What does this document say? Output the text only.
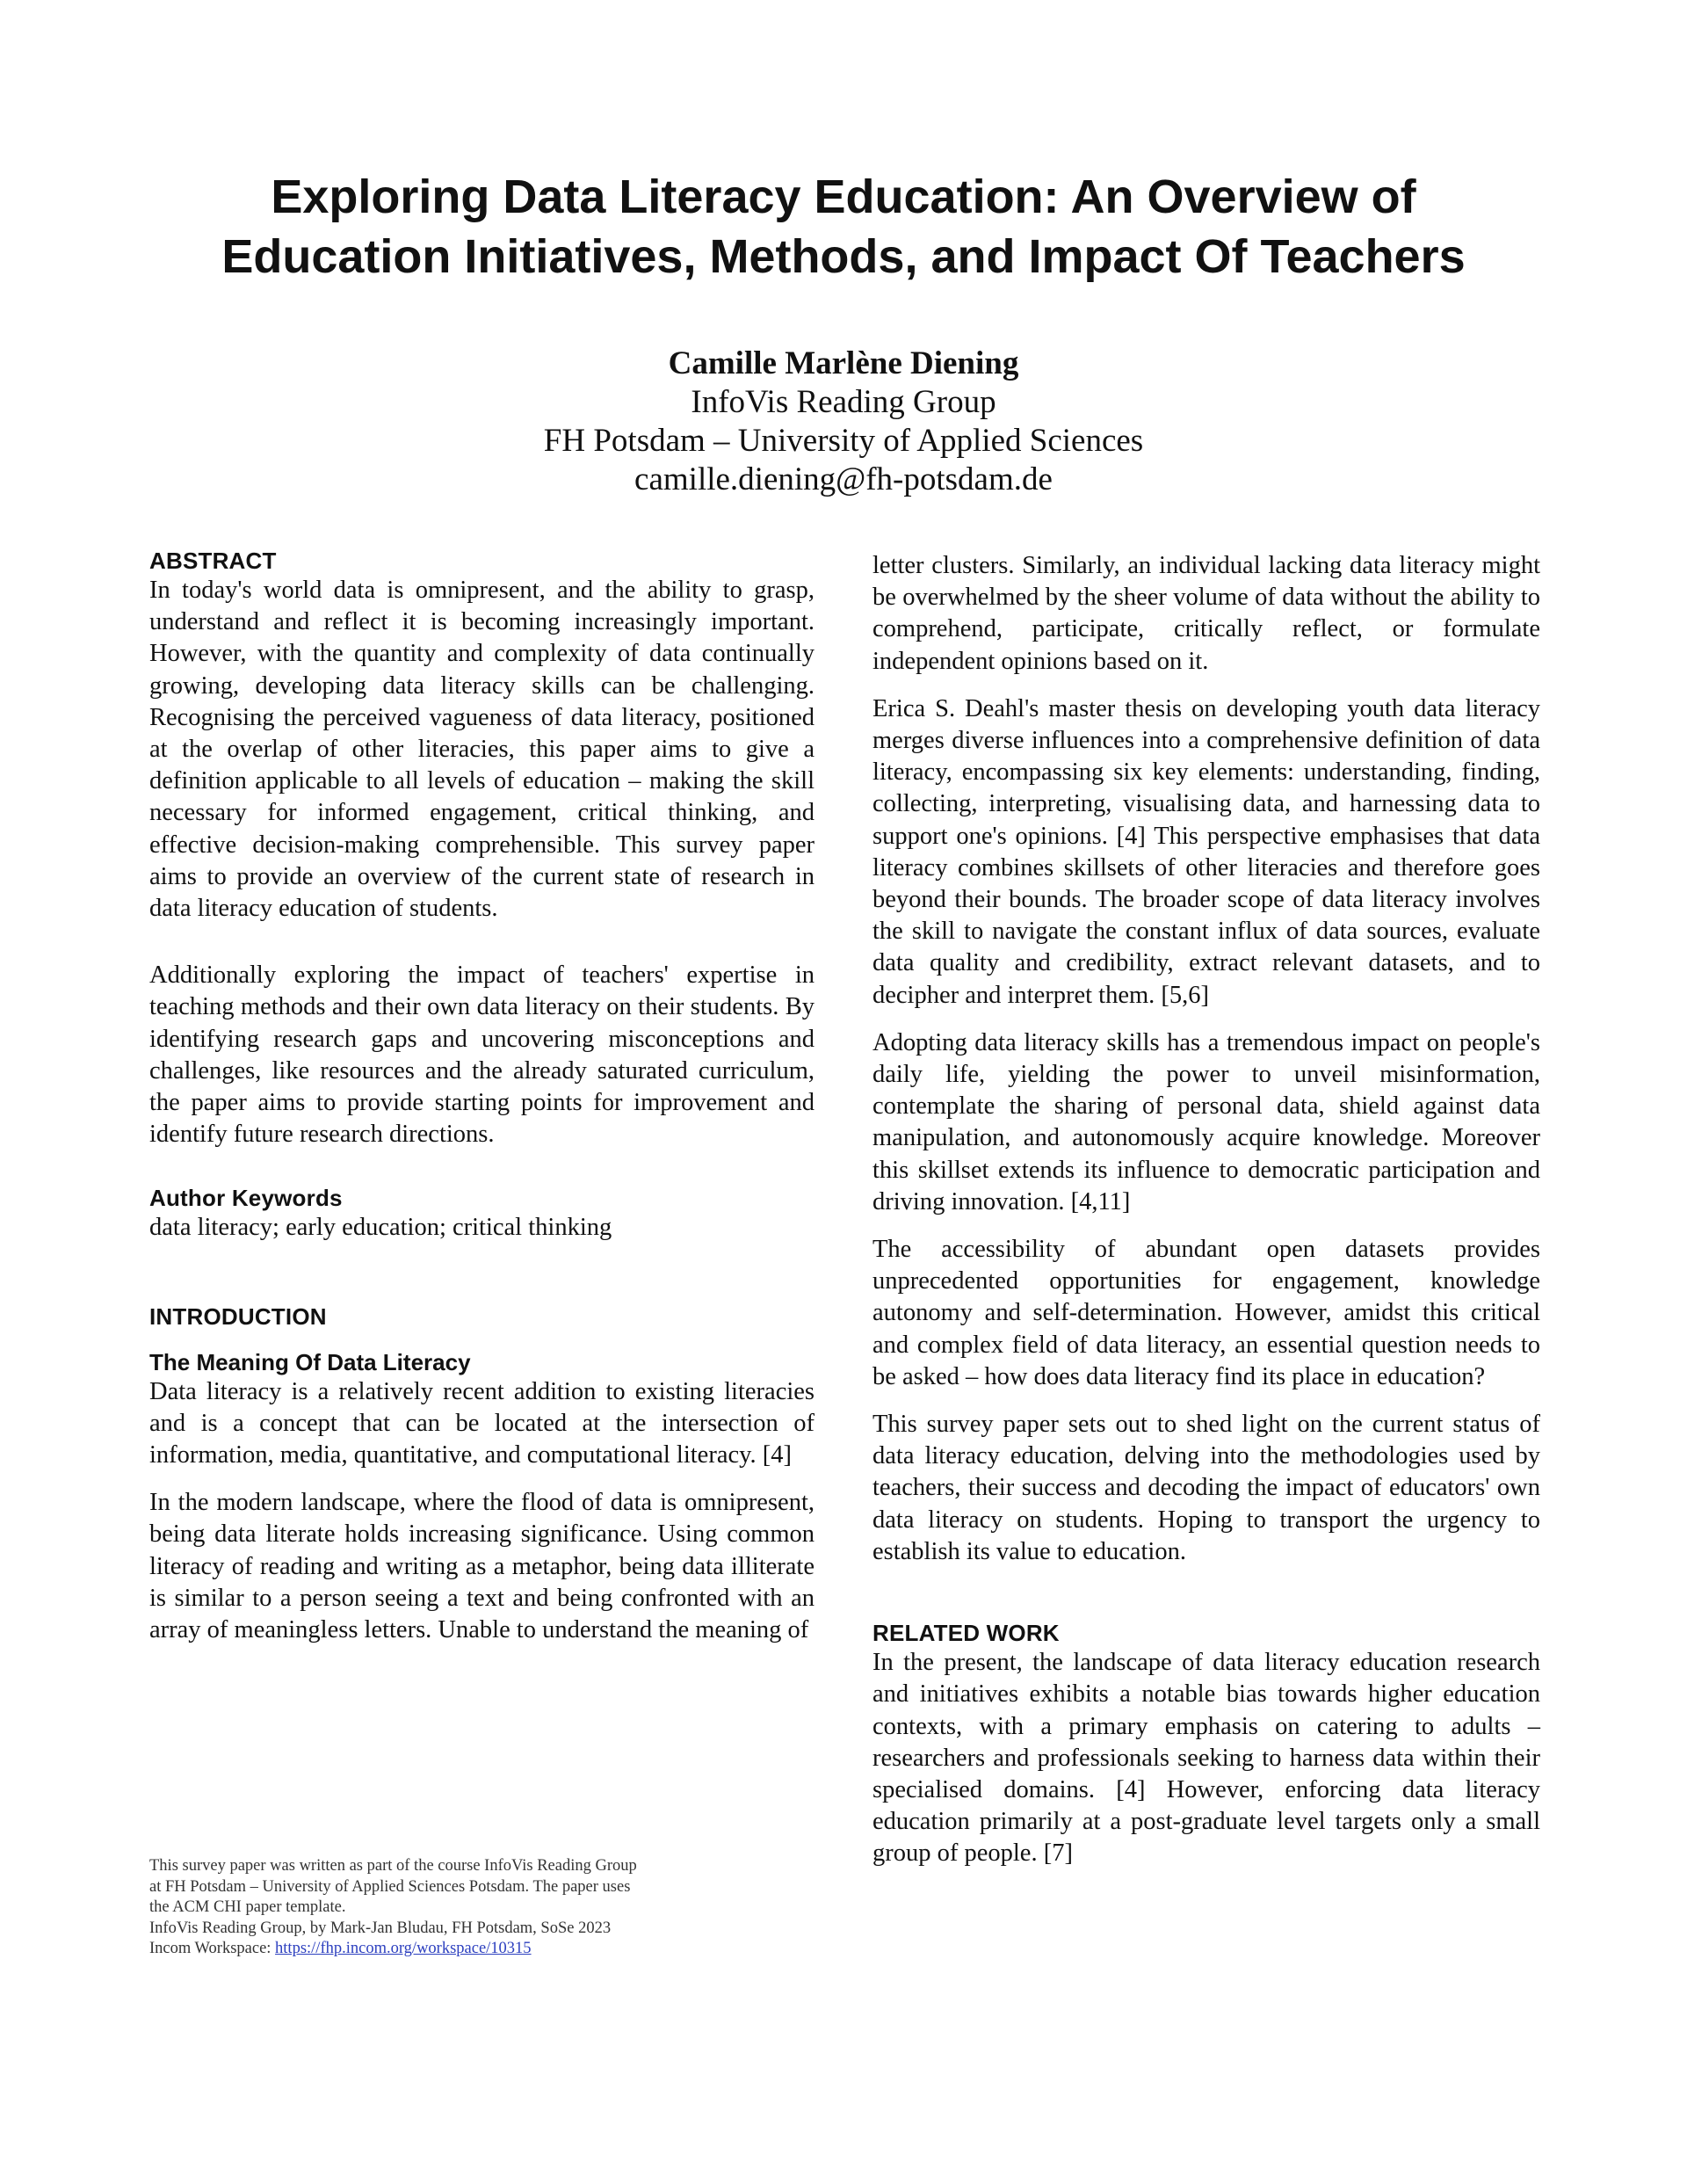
Exploring Data Literacy Education: An Overview of
Education Initiatives, Methods, and Impact Of Teachers
Camille Marlène Diening
InfoVis Reading Group
FH Potsdam – University of Applied Sciences
camille.diening@fh-potsdam.de
ABSTRACT

In today's world data is omnipresent, and the ability to grasp, understand and reflect it is becoming increasingly important. However, with the quantity and complexity of data continually growing, developing data literacy skills can be challenging. Recognising the perceived vagueness of data literacy, positioned at the overlap of other literacies, this paper aims to give a definition applicable to all levels of education – making the skill necessary for informed engagement, critical thinking, and effective decision-making comprehensible. This survey paper aims to provide an overview of the current state of research in data literacy education of students.

Additionally exploring the impact of teachers' expertise in teaching methods and their own data literacy on their students. By identifying research gaps and uncovering misconceptions and challenges, like resources and the already saturated curriculum, the paper aims to provide starting points for improvement and identify future research directions.

Author Keywords

data literacy; early education; critical thinking

INTRODUCTION
The Meaning Of Data Literacy

Data literacy is a relatively recent addition to existing literacies and is a concept that can be located at the intersection of information, media, quantitative, and computational literacy. [4]

In the modern landscape, where the flood of data is omnipresent, being data literate holds increasing significance. Using common literacy of reading and writing as a metaphor, being data illiterate is similar to a person seeing a text and being confronted with an array of meaningless letters. Unable to understand the meaning of

This survey paper was written as part of the course InfoVis Reading Group
at FH Potsdam – University of Applied Sciences Potsdam. The paper uses
the ACM CHI paper template.
InfoVis Reading Group, by Mark-Jan Bludau, FH Potsdam, SoSe 2023
Incom Workspace: https://fhp.incom.org/workspace/10315

letter clusters. Similarly, an individual lacking data literacy might be overwhelmed by the sheer volume of data without the ability to comprehend, participate, critically reflect, or formulate independent opinions based on it.

Erica S. Deahl's master thesis on developing youth data literacy merges diverse influences into a comprehensive definition of data literacy, encompassing six key elements: understanding, finding, collecting, interpreting, visualising data, and harnessing data to support one's opinions. [4] This perspective emphasises that data literacy combines skillsets of other literacies and therefore goes beyond their bounds. The broader scope of data literacy involves the skill to navigate the constant influx of data sources, evaluate data quality and credibility, extract relevant datasets, and to decipher and interpret them. [5,6]

Adopting data literacy skills has a tremendous impact on people's daily life, yielding the power to unveil misinformation, contemplate the sharing of personal data, shield against data manipulation, and autonomously acquire knowledge. Moreover this skillset extends its influence to democratic participation and driving innovation. [4,11]

The accessibility of abundant open datasets provides unprecedented opportunities for engagement, knowledge autonomy and self-determination. However, amidst this critical and complex field of data literacy, an essential question needs to be asked – how does data literacy find its place in education?

This survey paper sets out to shed light on the current status of data literacy education, delving into the methodologies used by teachers, their success and decoding the impact of educators' own data literacy on students. Hoping to transport the urgency to establish its value to education.

RELATED WORK

In the present, the landscape of data literacy education research and initiatives exhibits a notable bias towards higher education contexts, with a primary emphasis on catering to adults – researchers and professionals seeking to harness data within their specialised domains. [4] However, enforcing data literacy education primarily at a post-graduate level targets only a small group of people. [7]
